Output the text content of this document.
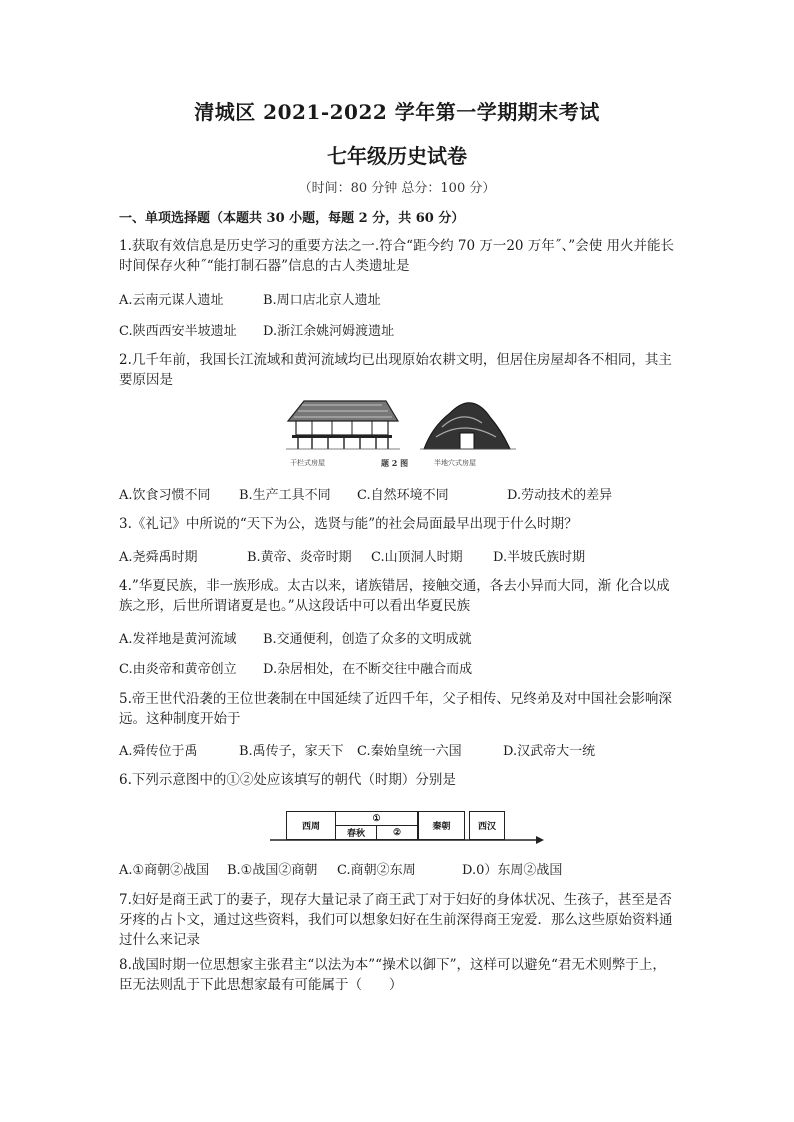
清城区 2021-2022 学年第一学期期末考试
七年级历史试卷
（时间：80 分钟 总分：100 分）
一、单项选择题（本题共 30 小题，每题 2 分，共 60 分）
1.获取有效信息是历史学习的重要方法之一.符合“距今约 70 万一20 万年˝、”会使 用火并能长时间保存火种˝“能打制石器”信息的古人类遗址是
A.云南元谋人遗址	B.周口店北京人遗址
C.陕西西安半坡遗址 D.浙江余姚河姆渡遗址
2.几千年前，我国长江流域和黄河流域均已出现原始农耕文明，但居住房屋却各不相同，其主要原因是
干栏式房屋	题 2 图	半地穴式房屋
A.饮食习惯不同 B.生产工具不同 C.自然环境不同	D.劳动技术的差异
3.《礼记》中所说的“天下为公，选贤与能”的社会局面最早出现于什么时期？
A.尧舜禹时期	B.黄帝、炎帝时期 C.山顶洞人时期 D.半坡氏族时期
4.”华夏民族，非一族形成。太古以来，诸族错居，接触交通，各去小异而大同，渐 化合以成族之形，后世所谓诸夏是也。”从这段话中可以看出华夏民族
A.发祥地是黄河流域 B.交通便利，创造了众多的文明成就
C.由炎帝和黄帝创立 D.杂居相处，在不断交往中融合而成
5.帝王世代沿袭的王位世袭制在中国延续了近四千年，父子相传、兄终弟及对中国社会影响深远。这种制度开始于
A.舜传位于禹	B.禹传子，家天下 C.秦始皇统一六国	D.汉武帝大一统
6.下列示意图中的①②处应该填写的朝代（时期）分别是
西周
①
春秋	②
秦朝	西汉
A.①商朝②战国 B.①战国②商朝 C.商朝②东周	D.0）东周②战国
7.妇好是商王武丁的妻子，现存大量记录了商王武丁对于妇好的身体状况、生孩子，甚至是否牙疼的占卜文，通过这些资料，我们可以想象妇好在生前深得商王宠爱．那么这些原始资料通过什么来记录
8.战国时期一位思想家主张君主“以法为本”“操术以御下”，这样可以避免“君无术则弊于上，臣无法则乱于下此思想家最有可能属于（　　）
